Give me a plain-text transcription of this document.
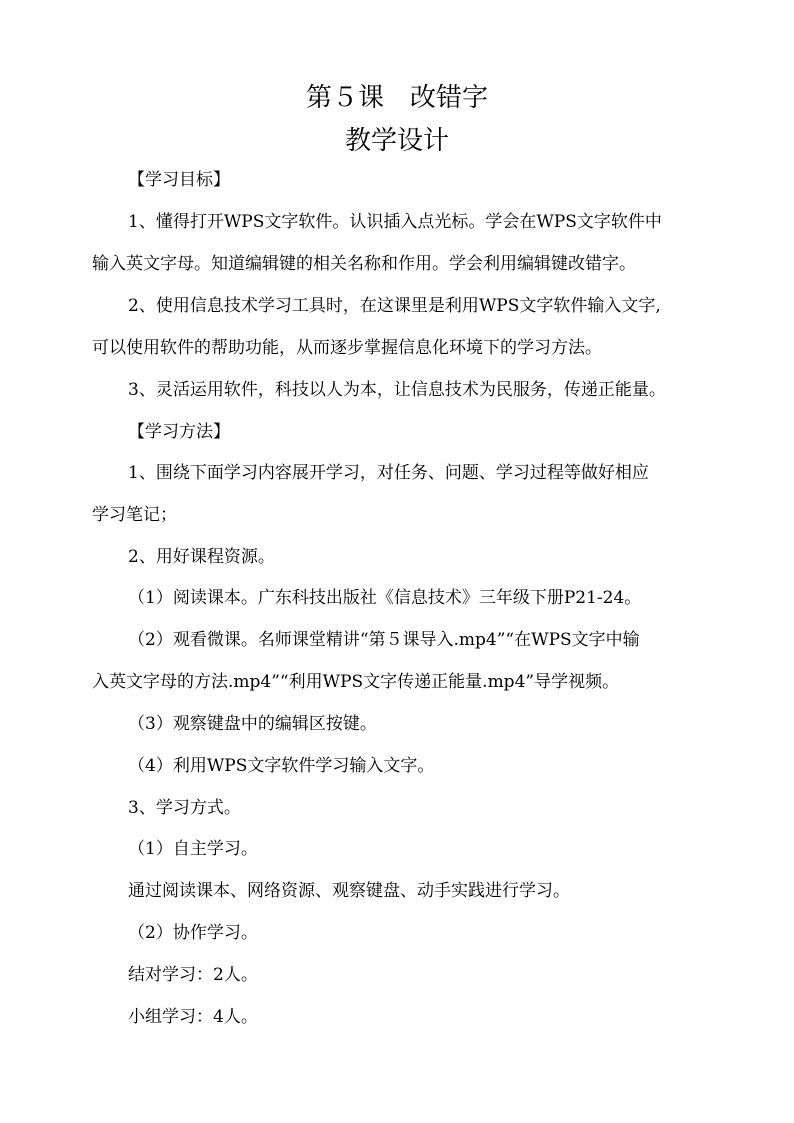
第５课　改错字
教学设计
【学习目标】
1、懂得打开WPS文字软件。认识插入点光标。学会在WPS文字软件中
输入英文字母。知道编辑键的相关名称和作用。学会利用编辑键改错字。
2、使用信息技术学习工具时，在这课里是利用WPS文字软件输入文字,
可以使用软件的帮助功能，从而逐步掌握信息化环境下的学习方法。
3、灵活运用软件，科技以人为本，让信息技术为民服务，传递正能量。
【学习方法】
1、围绕下面学习内容展开学习，对任务、问题、学习过程等做好相应
学习笔记；
2、用好课程资源。
（1）阅读课本。广东科技出版社《信息技术》三年级下册P21-24。
（2）观看微课。名师课堂精讲“第５课导入.mp4”“在WPS文字中输
入英文字母的方法.mp4”“利用WPS文字传递正能量.mp4”导学视频。
（3）观察键盘中的编辑区按键。
（4）利用WPS文字软件学习输入文字。
3、学习方式。
（1）自主学习。
通过阅读课本、网络资源、观察键盘、动手实践进行学习。
（2）协作学习。
结对学习：2人。
小组学习：4人。
